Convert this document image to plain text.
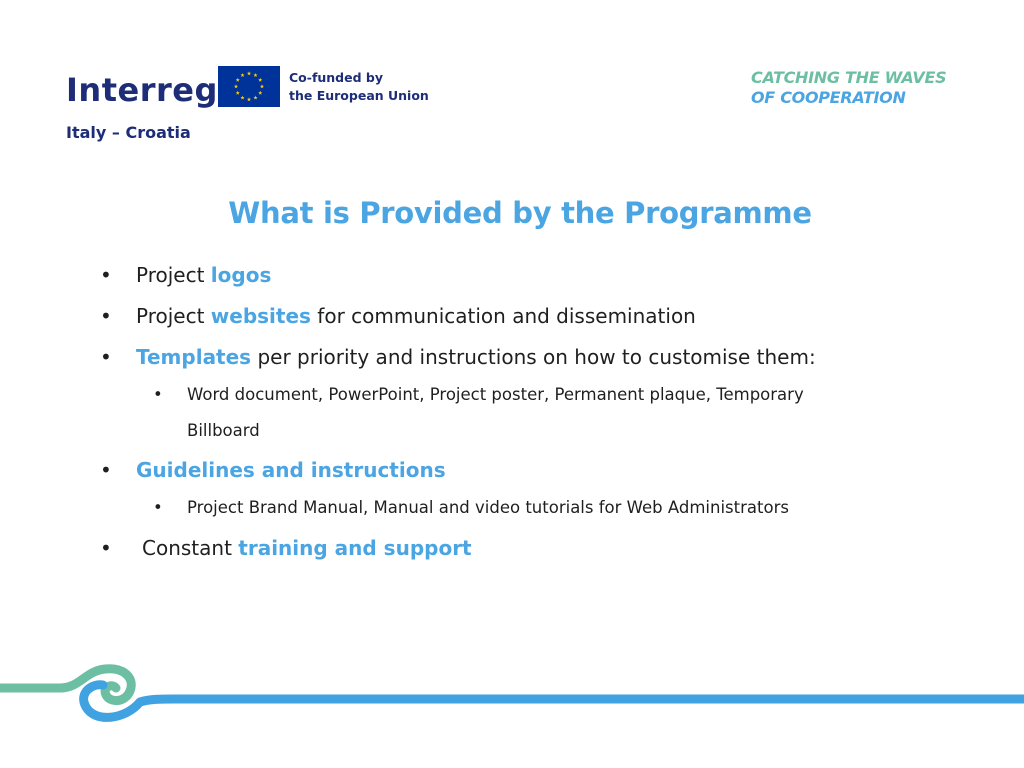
Interreg
Italy – Croatia
Co-funded by
the European Union
CATCHING THE WAVES
OF COOPERATION
What is Provided by the Programme
• Project logos
• Project websites for communication and dissemination
• Templates per priority and instructions on how to customise them:
• Word document, PowerPoint, Project poster, Permanent plaque, Temporary
Billboard
• Guidelines and instructions
• Project Brand Manual, Manual and video tutorials for Web Administrators
• Constant training and support
